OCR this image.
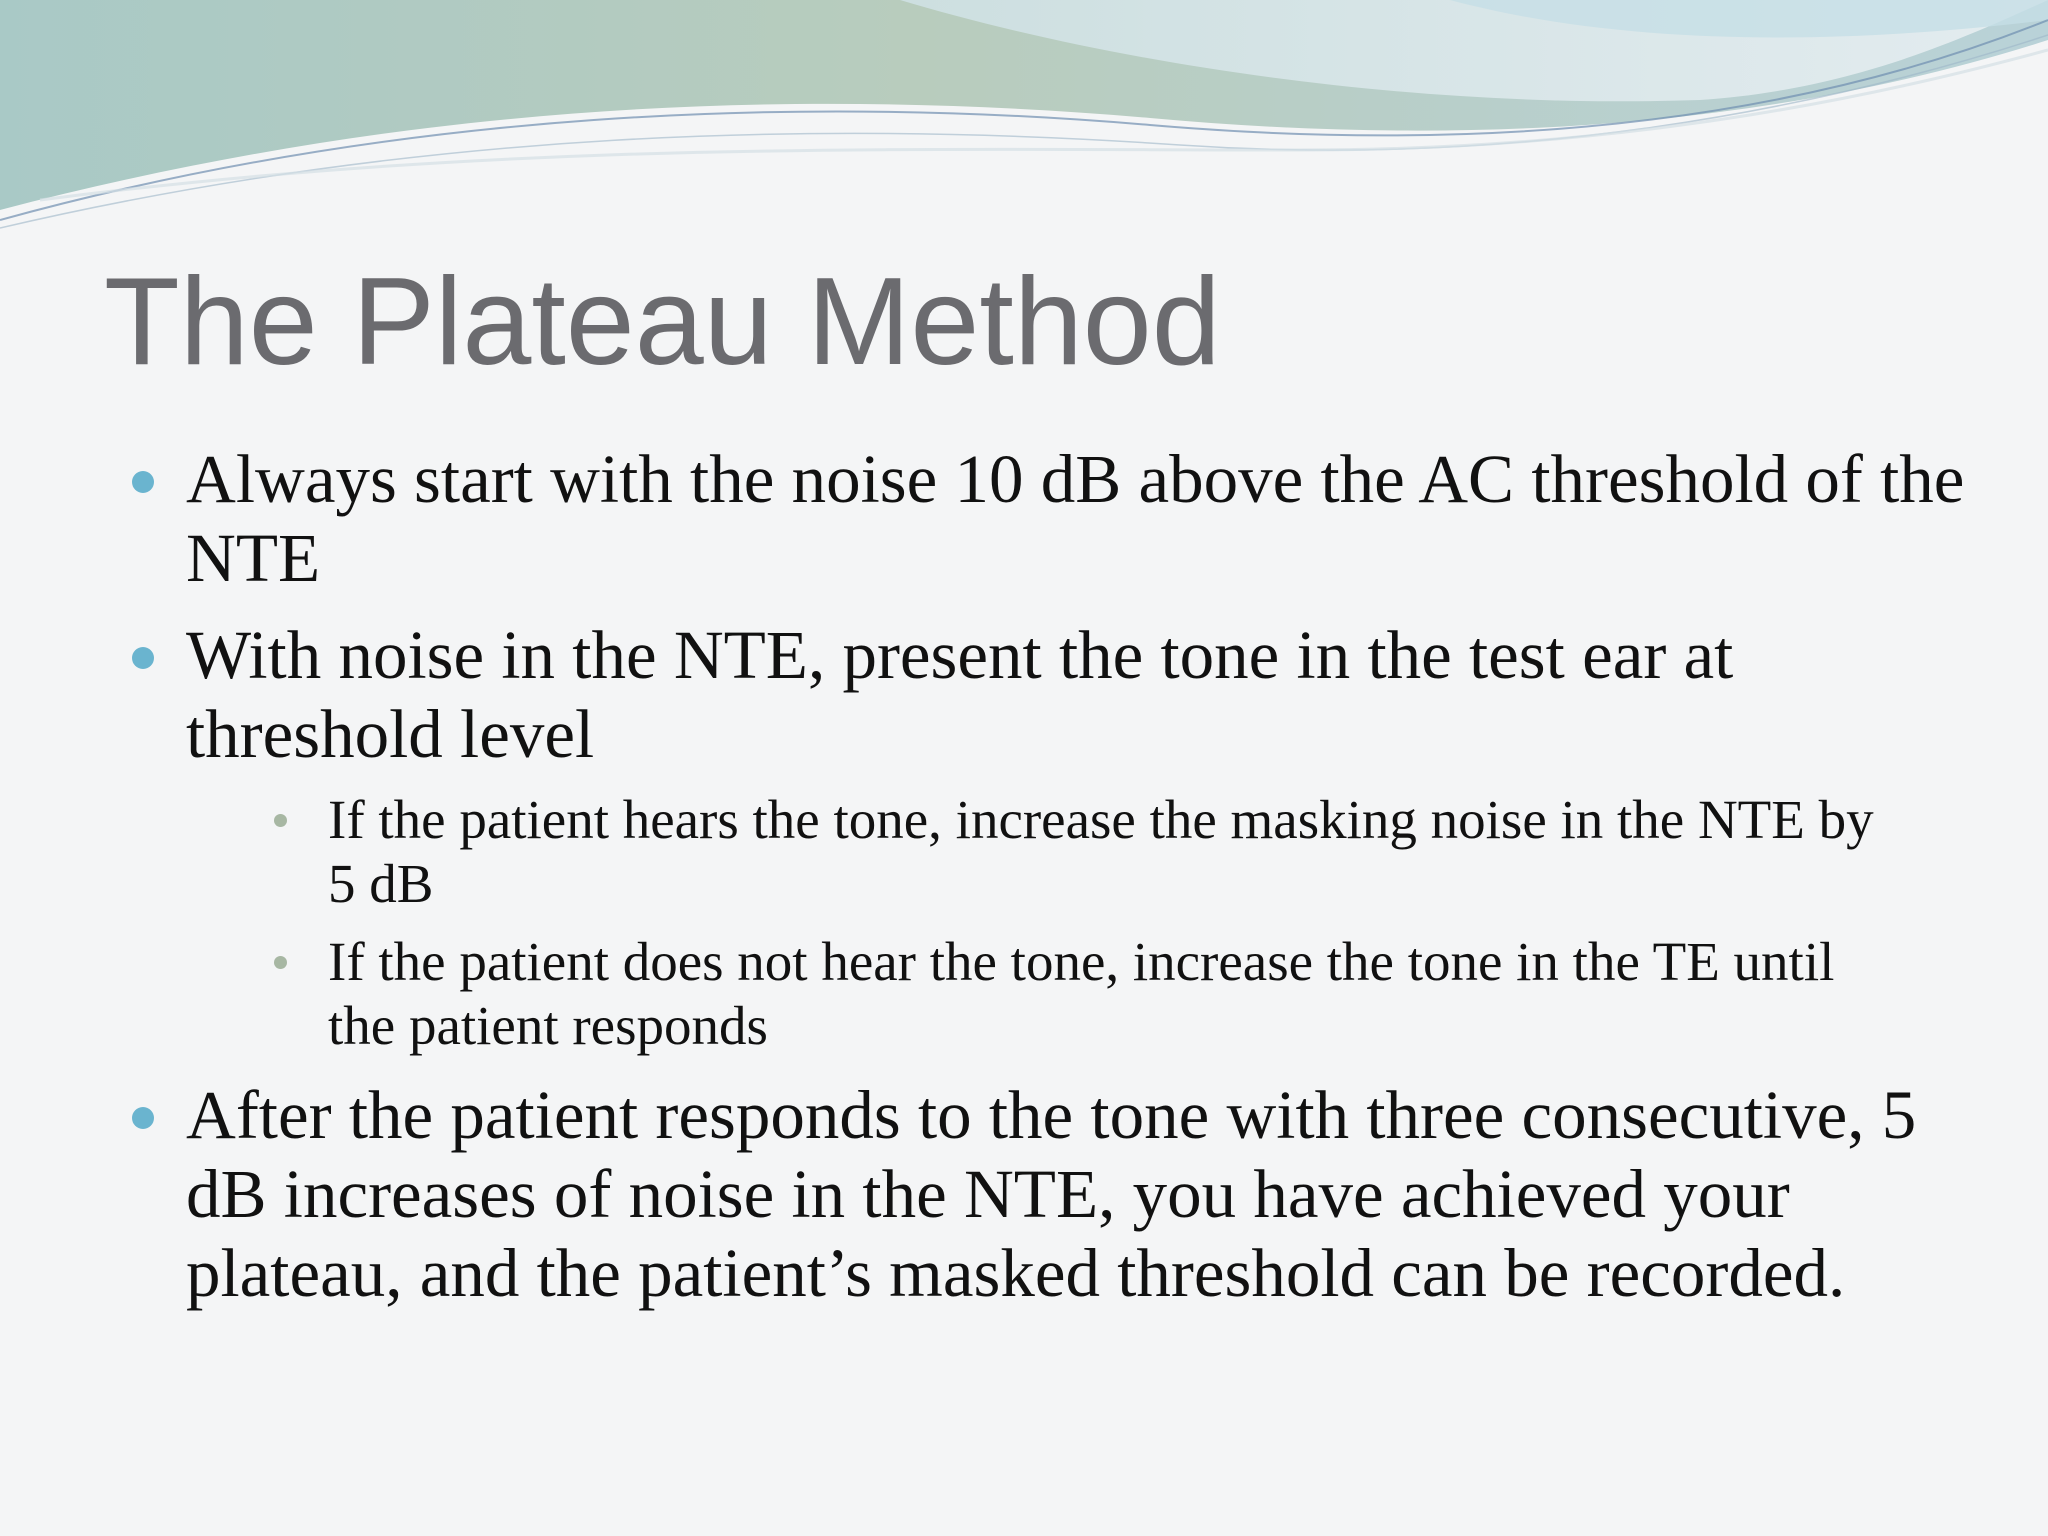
The Plateau Method
Always start with the noise 10 dB above the AC threshold of the NTE
With noise in the NTE, present the tone in the test ear at threshold level
If the patient hears the tone, increase the masking noise in the NTE by 5 dB
If the patient does not hear the tone, increase the tone in the TE until the patient responds
After the patient responds to the tone with three consecutive, 5 dB increases of noise in the NTE, you have achieved your plateau, and the patient’s masked threshold can be recorded.
